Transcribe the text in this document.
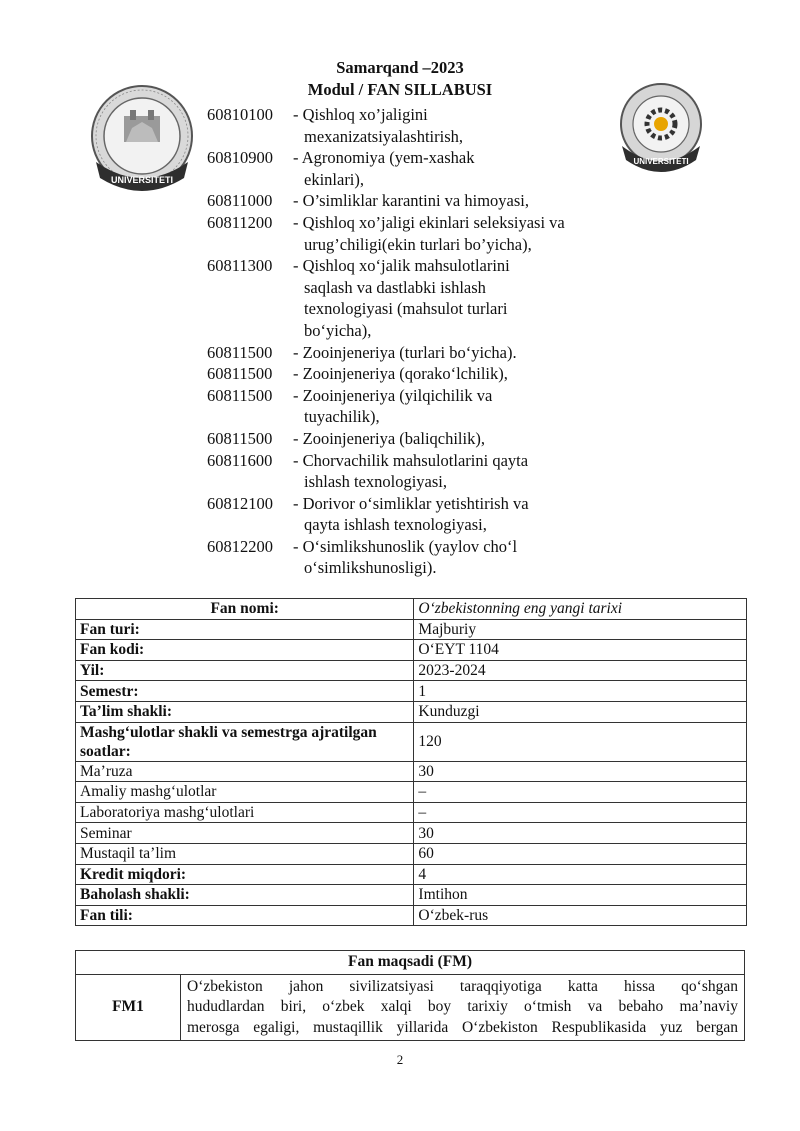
Samarqand –2023
Modul / FAN SILLABUSI
UNIVERSITETI
UNIVERSITETI
60810100	- Qishloq xo’jaligini
mexanizatsiyalashtirish,
60810900	- Agronomiya (yem-xashak
ekinlari),
60811000	- O’simliklar karantini va himoyasi,
60811200	- Qishloq xo’jaligi ekinlari seleksiyasi va
urug’chiligi(ekin turlari bo’yicha),
60811300	- Qishloq xo‘jalik mahsulotlarini
saqlash va dastlabki ishlash
texnologiyasi (mahsulot turlari
bo‘yicha),
60811500	- Zooinjeneriya (turlari bo‘yicha).
60811500	- Zooinjeneriya (qorako‘lchilik),
60811500	- Zooinjeneriya (yilqichilik va
tuyachilik),
60811500	- Zooinjeneriya (baliqchilik),
60811600	- Chorvachilik mahsulotlarini qayta
ishlash texnologiyasi,
60812100	- Dorivor o‘simliklar yetishtirish va
qayta ishlash texnologiyasi,
60812200	- O‘simlikshunoslik (yaylov cho‘l
o‘simlikshunosligi).
Fan nomi:	O‘zbekistonning eng yangi tarixi
Fan turi:	Majburiy
Fan kodi:	O‘EYT 1104
Yil:	2023-2024
Semestr:	1
Ta’lim shakli:	Kunduzgi
Mashg‘ulotlar shakli va semestrga ajratilgan soatlar:	120
Ma’ruza	30
Amaliy mashg‘ulotlar	–
Laboratoriya mashg‘ulotlari	–
Seminar	30
Mustaqil ta’lim	60
Kredit miqdori:	4
Baholash shakli:	Imtihon
Fan tili:	O‘zbek-rus
Fan maqsadi (FM)
FM1	
O‘zbekiston jahon sivilizatsiyasi taraqqiyotiga katta hissa qo‘shgan
hududlardan biri, o‘zbek xalqi boy tarixiy o‘tmish va bebaho ma’naviy
merosga egaligi, mustaqillik yillarida O‘zbekiston Respublikasida yuz bergan
2
